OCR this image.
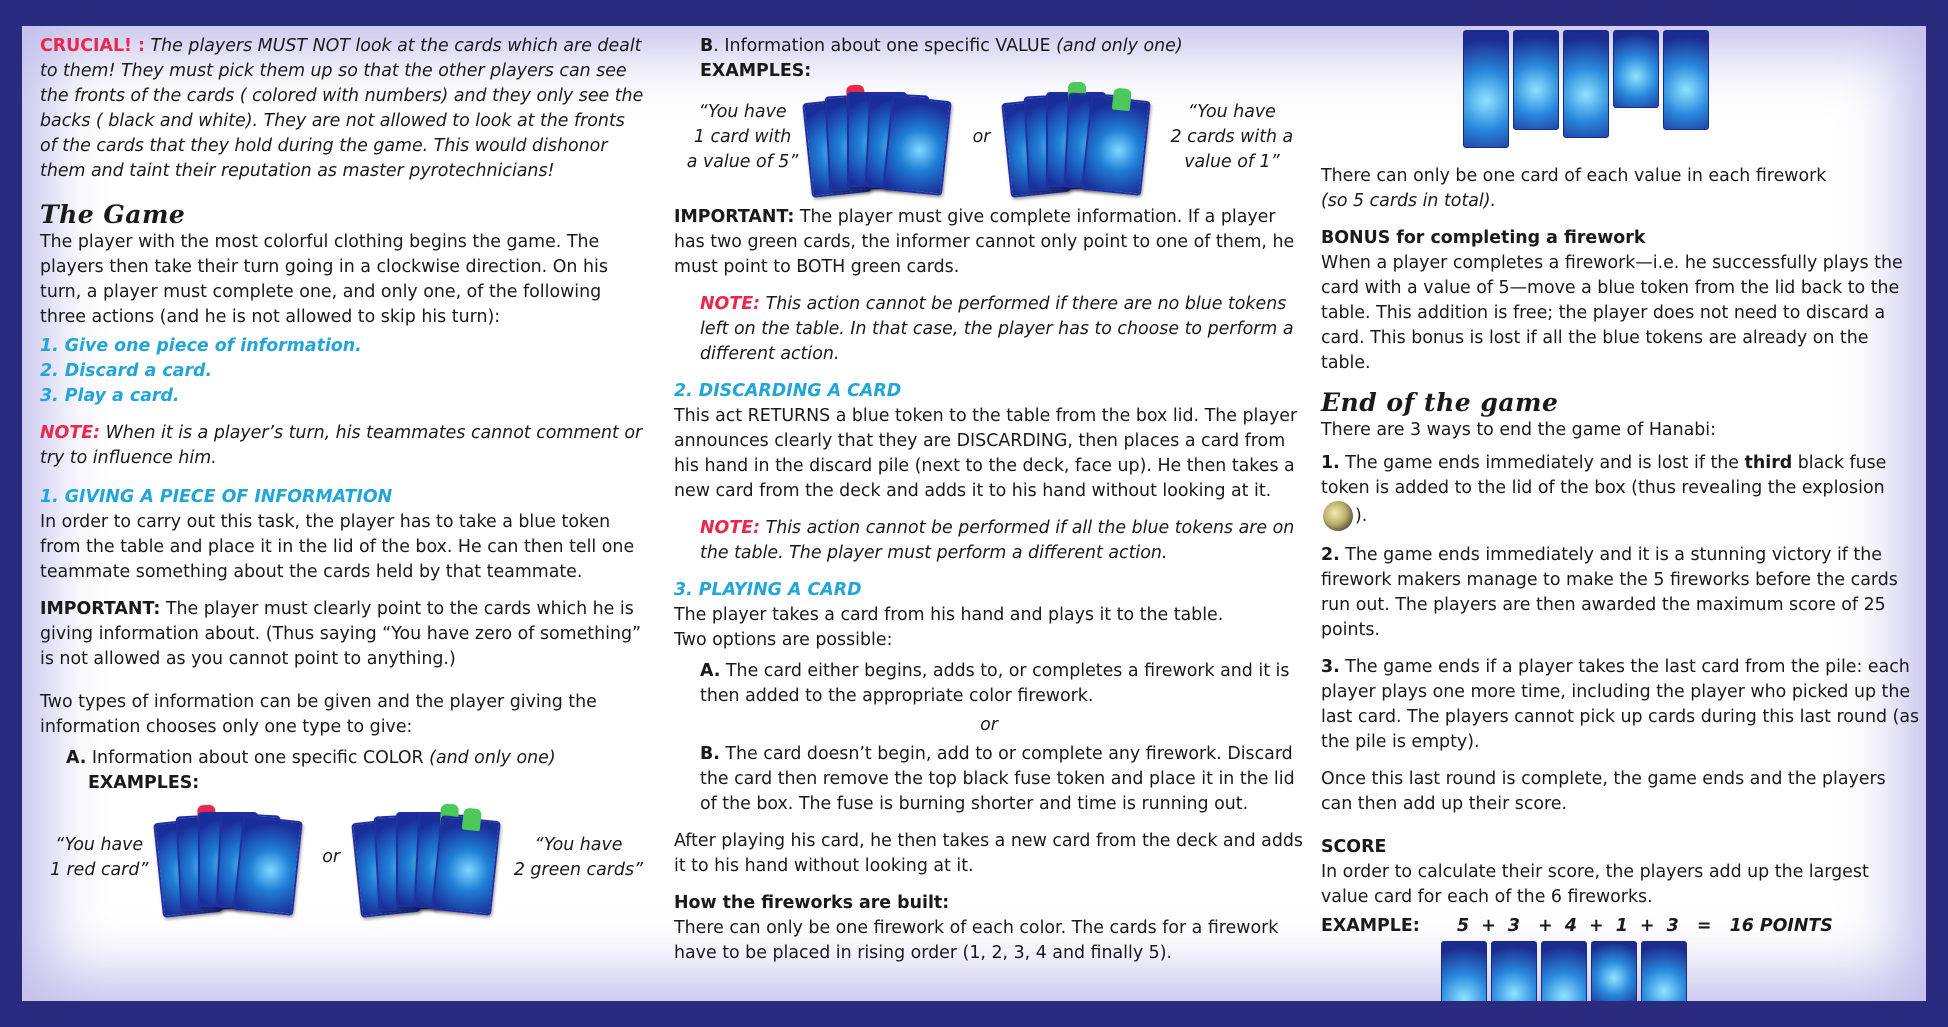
CRUCIAL! : The players MUST NOT look at the cards which are dealt to them! They must pick them up so that the other players can see the fronts of the cards ( colored with numbers) and they only see the backs ( black and white). They are not allowed to look at the fronts of the cards that they hold during the game. This would dishonor them and taint their reputation as master pyrotechnicians!

The Game

The player with the most colorful clothing begins the game. The players then take their turn going in a clockwise direction. On his turn, a player must complete one, and only one, of the following three actions (and he is not allowed to skip his turn):

1. Give one piece of information.
2. Discard a card.
3. Play a card.

NOTE: When it is a player’s turn, his teammates cannot comment or try to influence him.

1. GIVING A PIECE OF INFORMATION

In order to carry out this task, the player has to take a blue token from the table and place it in the lid of the box. He can then tell one teammate something about the cards held by that teammate.

IMPORTANT: The player must clearly point to the cards which he is giving information about. (Thus saying “You have zero of something” is not allowed as you cannot point to anything.)

Two types of information can be given and the player giving the information chooses only one type to give:

A. Information about one specific COLOR (and only one)
EXAMPLES:
“You have
1 red card”
or
“You have
2 green cards”
B. Information about one specific VALUE (and only one)
EXAMPLES:
“You have
1 card with
a value of 5”
or
“You have
2 cards with a
value of 1”

IMPORTANT: The player must give complete information. If a player has two green cards, the informer cannot only point to one of them, he must point to BOTH green cards.

NOTE: This action cannot be performed if there are no blue tokens left on the table. In that case, the player has to choose to perform a different action.

2. DISCARDING A CARD

This act RETURNS a blue token to the table from the box lid. The player announces clearly that they are DISCARDING, then places a card from his hand in the discard pile (next to the deck, face up). He then takes a new card from the deck and adds it to his hand without looking at it.

NOTE: This action cannot be performed if all the blue tokens are on the table. The player must perform a different action.

3. PLAYING A CARD
The player takes a card from his hand and plays it to the table.

Two options are possible:

A. The card either begins, adds to, or completes a firework and it is then added to the appropriate color firework.
or

B. The card doesn’t begin, add to or complete any firework. Discard the card then remove the top black fuse token and place it in the lid of the box. The fuse is burning shorter and time is running out.

After playing his card, he then takes a new card from the deck and adds it to his hand without looking at it.

How the fireworks are built:
There can only be one firework of each color. The cards for a firework have to be placed in rising order (1, 2, 3, 4 and finally 5).

There can only be one card of each value in each firework
(so 5 cards in total).

BONUS for completing a firework

When a player completes a firework—i.e. he successfully plays the card with a value of 5—move a blue token from the lid back to the table. This addition is free; the player does not need to discard a card. This bonus is lost if all the blue tokens are already on the table.

End of the game

There are 3 ways to end the game of Hanabi:

1. The game ends immediately and is lost if the third black fuse token is added to the lid of the box (thus revealing the explosion ).

2. The game ends immediately and it is a stunning victory if the firework makers manage to make the 5 fireworks before the cards run out. The players are then awarded the maximum score of 25 points.

3. The game ends if a player takes the last card from the pile: each player plays one more time, including the player who picked up the last card. The players cannot pick up cards during this last round (as the pile is empty).

Once this last round is complete, the game ends and the players can then add up their score.

SCORE
In order to calculate their score, the players add up the largest value card for each of the 6 fireworks.
EXAMPLE:	5  +  3   +  4  +  1  +  3   =   16 POINTS
